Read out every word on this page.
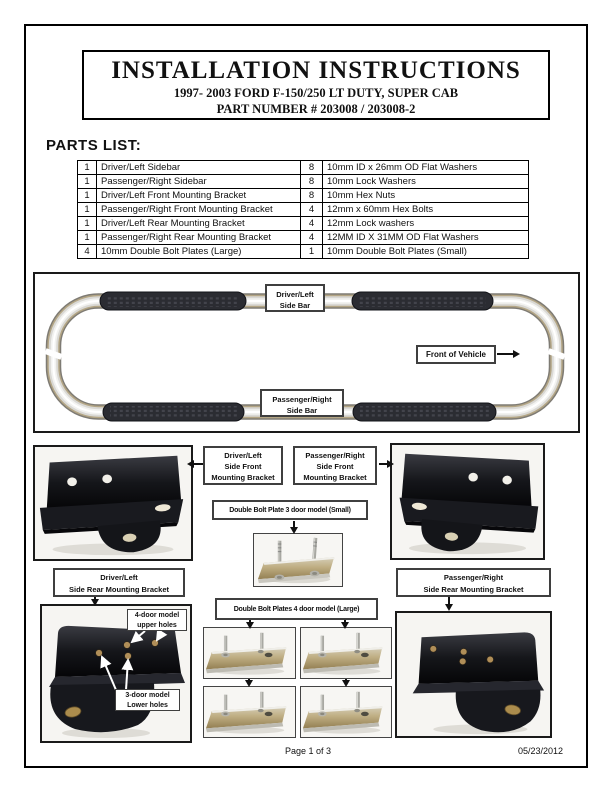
INSTALLATION INSTRUCTIONS
1997- 2003 FORD F-150/250 LT DUTY, SUPER CAB
PART NUMBER # 203008 / 203008-2
PARTS LIST:
1	Driver/Left Sidebar	8	10mm ID x 26mm OD Flat Washers
1	Passenger/Right Sidebar	8	10mm Lock Washers
1	Driver/Left Front Mounting Bracket	8	10mm Hex Nuts
1	Passenger/Right Front Mounting Bracket	4	12mm x 60mm Hex Bolts
1	Driver/Left Rear Mounting Bracket	4	12mm Lock washers
1	Passenger/Right Rear Mounting Bracket	4	12MM ID X 31MM OD Flat Washers
4	10mm Double Bolt Plates (Large)	1	10mm Double Bolt Plates (Small)
Driver/Left
Side Bar
Passenger/Right
Side Bar
Front of Vehicle
Driver/Left
Side Front
Mounting Bracket
Passenger/Right
Side Front
Mounting Bracket
Double Bolt Plate 3 door model (Small)
Driver/Left
Side Rear Mounting Bracket
Passenger/Right
Side Rear Mounting Bracket
4-door model
upper holes
3-door model
Lower holes
Double Bolt Plates 4 door model (Large)
Page 1 of 3	05/23/2012
